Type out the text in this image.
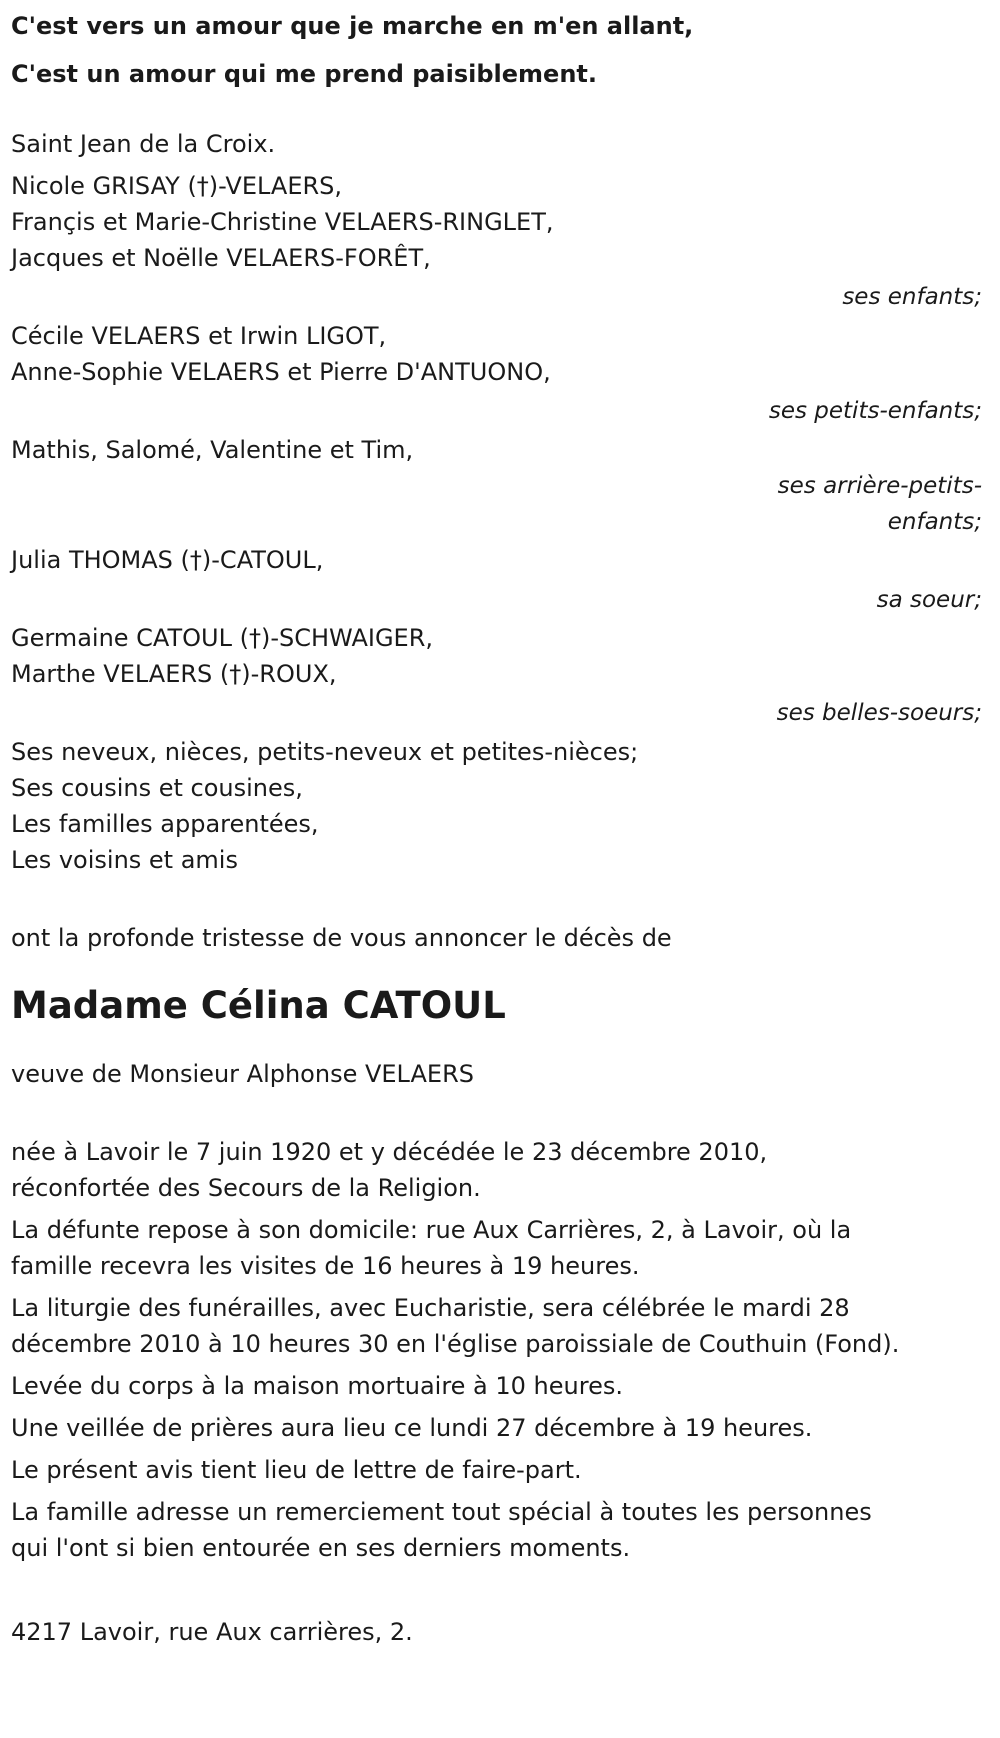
C'est vers un amour que je marche en m'en allant,
C'est un amour qui me prend paisiblement.
Saint Jean de la Croix.
Nicole GRISAY (†)-VELAERS,
Françis et Marie-Christine VELAERS-RINGLET,
Jacques et Noëlle VELAERS-FORÊT,
ses enfants;
Cécile VELAERS et Irwin LIGOT,
Anne-Sophie VELAERS et Pierre D'ANTUONO,
ses petits-enfants;
Mathis, Salomé, Valentine et Tim,
ses arrière-petits-
enfants;
Julia THOMAS (†)-CATOUL,
sa soeur;
Germaine CATOUL (†)-SCHWAIGER,
Marthe VELAERS (†)-ROUX,
ses belles-soeurs;
Ses neveux, nièces, petits-neveux et petites-nièces;
Ses cousins et cousines,
Les familles apparentées,
Les voisins et amis
ont la profonde tristesse de vous annoncer le décès de
Madame Célina CATOUL
veuve de Monsieur Alphonse VELAERS
née à Lavoir le 7 juin 1920 et y décédée le 23 décembre 2010,
réconfortée des Secours de la Religion.
La défunte repose à son domicile: rue Aux Carrières, 2, à Lavoir, où la
famille recevra les visites de 16 heures à 19 heures.
La liturgie des funérailles, avec Eucharistie, sera célébrée le mardi 28
décembre 2010 à 10 heures 30 en l'église paroissiale de Couthuin (Fond).
Levée du corps à la maison mortuaire à 10 heures.
Une veillée de prières aura lieu ce lundi 27 décembre à 19 heures.
Le présent avis tient lieu de lettre de faire-part.
La famille adresse un remerciement tout spécial à toutes les personnes
qui l'ont si bien entourée en ses derniers moments.
4217 Lavoir, rue Aux carrières, 2.
